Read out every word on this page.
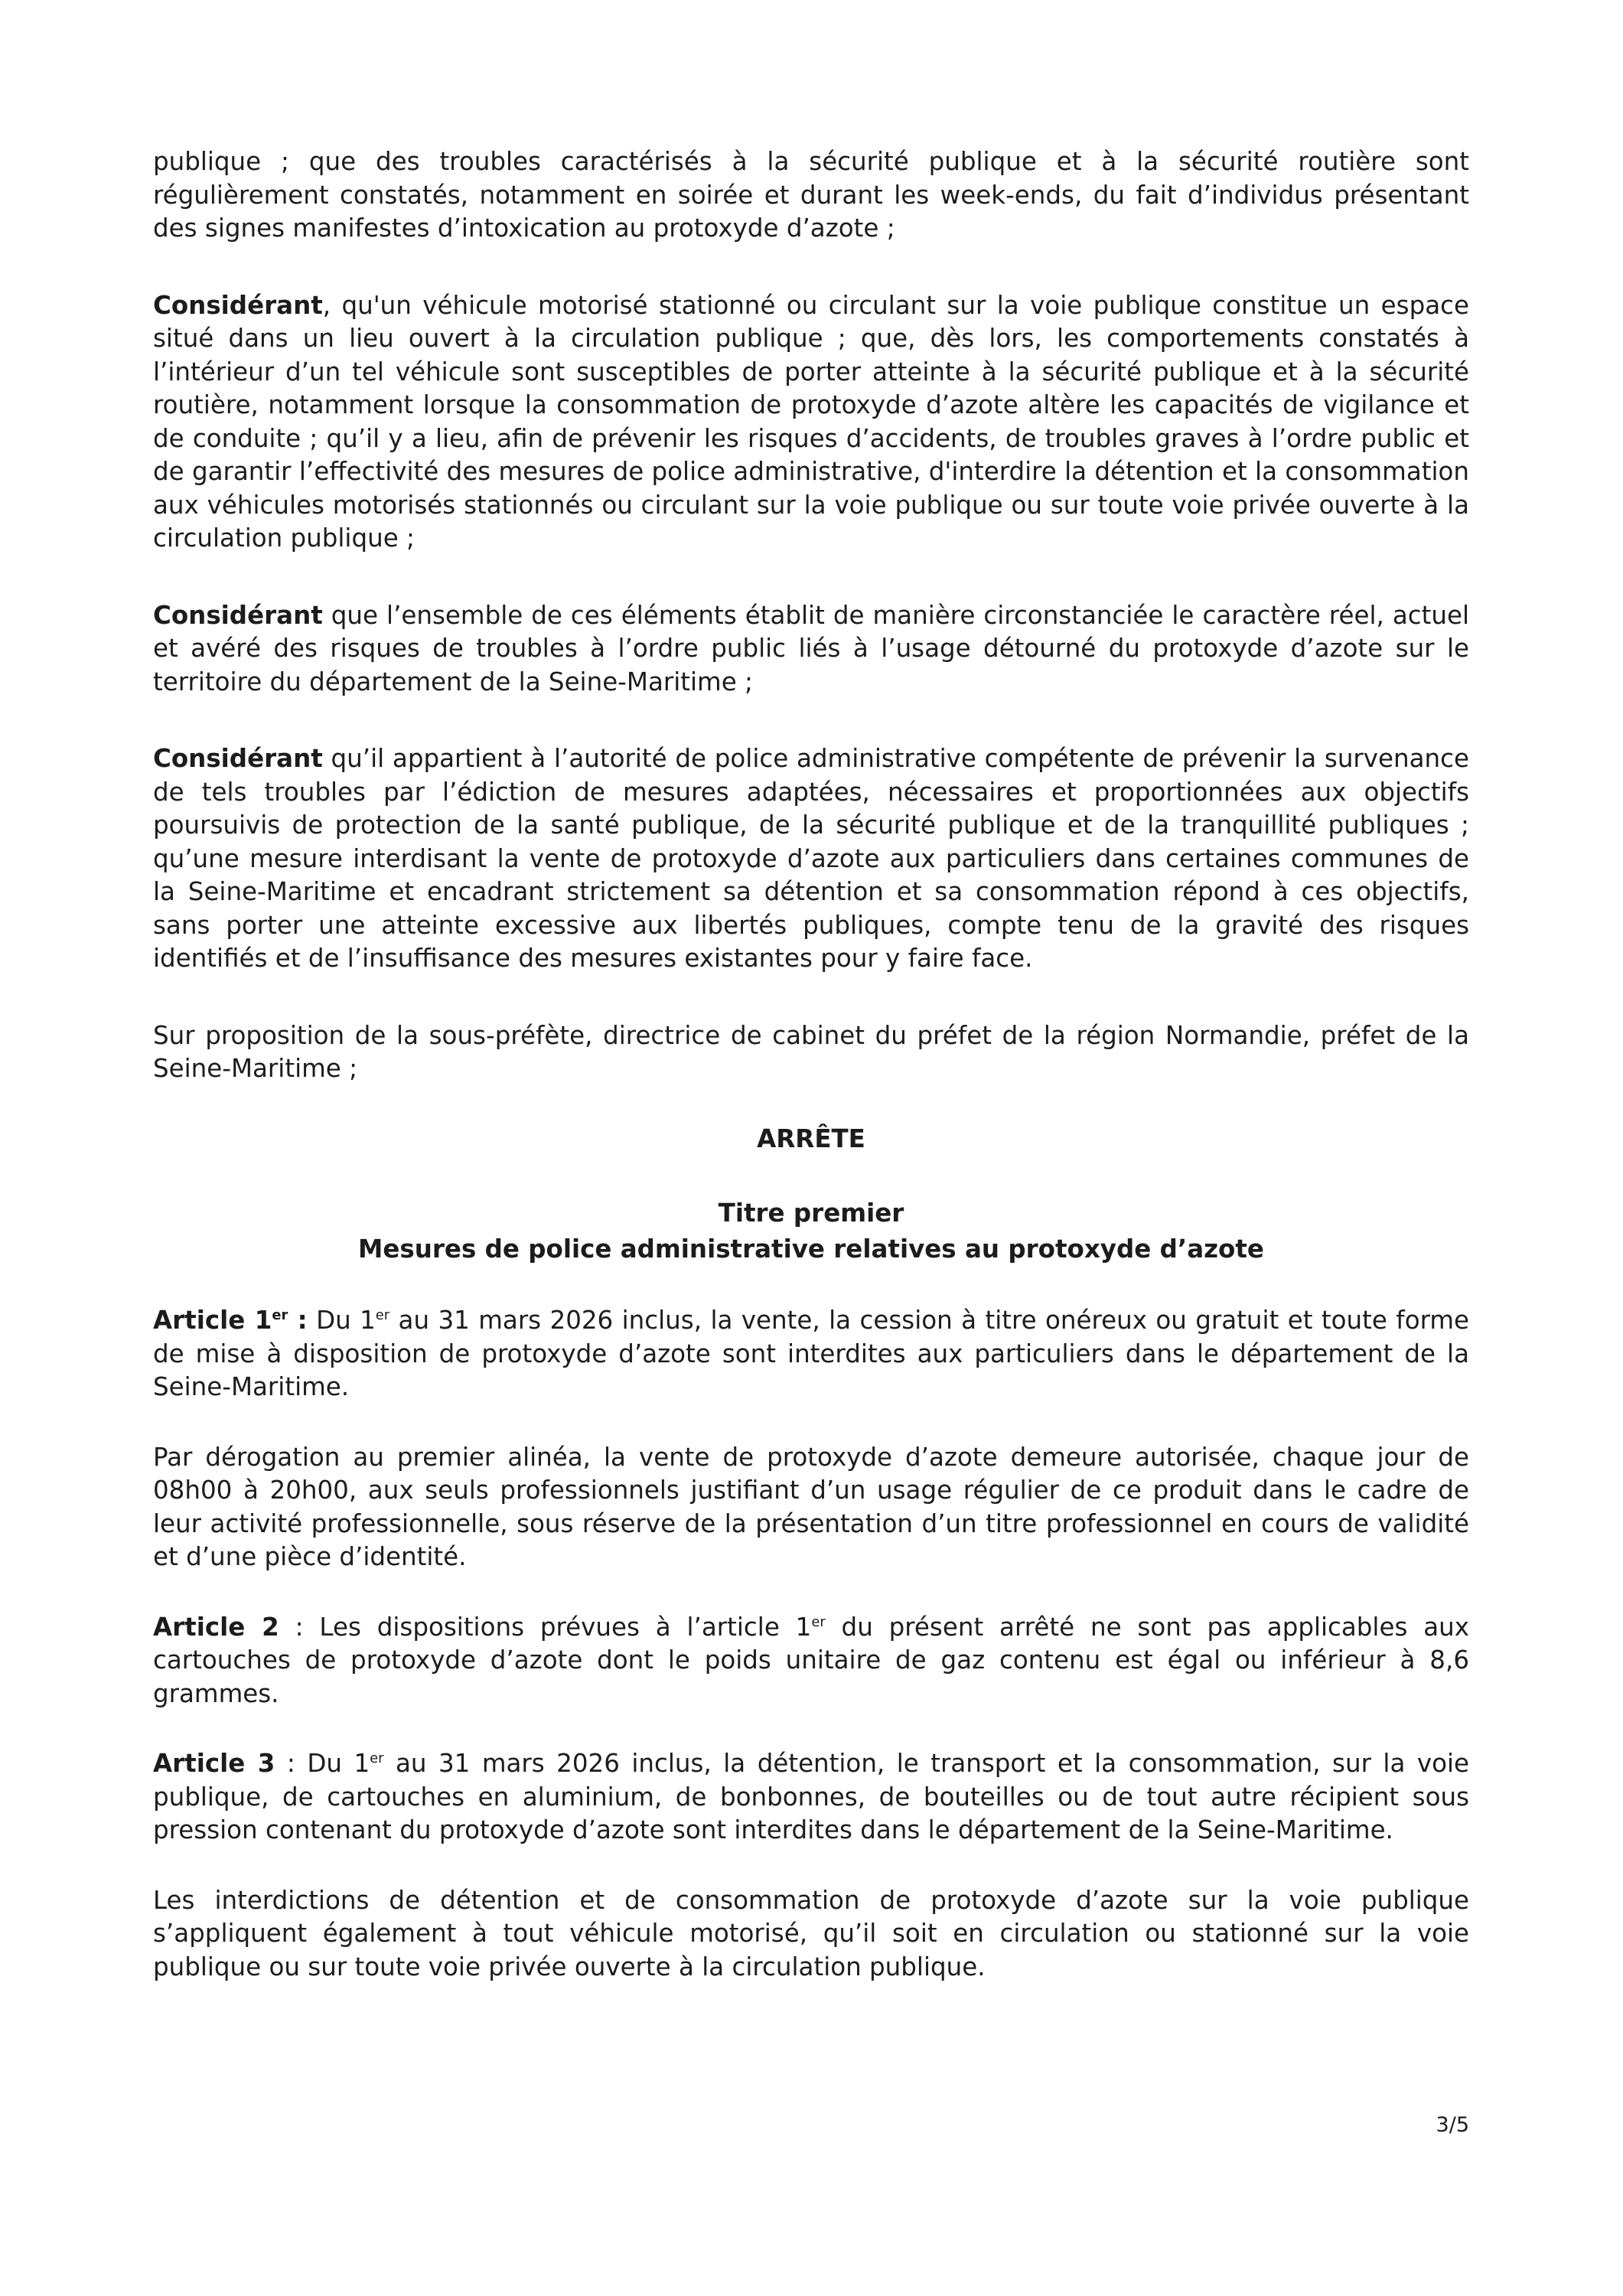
publique ; que des troubles caractérisés à la sécurité publique et à la sécurité routière sont régulièrement constatés, notamment en soirée et durant les week-ends, du fait d’individus présentant des signes manifestes d’intoxication au protoxyde d’azote ;

Considérant, qu'un véhicule motorisé stationné ou circulant sur la voie publique constitue un espace situé dans un lieu ouvert à la circulation publique ; que, dès lors, les comportements constatés à l’intérieur d’un tel véhicule sont susceptibles de porter atteinte à la sécurité publique et à la sécurité routière, notamment lorsque la consommation de protoxyde d’azote altère les capacités de vigilance et de conduite ; qu’il y a lieu, afin de prévenir les risques d’accidents, de troubles graves à l’ordre public et de garantir l’effectivité des mesures de police administrative, d'interdire la détention et la consommation aux véhicules motorisés stationnés ou circulant sur la voie publique ou sur toute voie privée ouverte à la circulation publique ;

Considérant que l’ensemble de ces éléments établit de manière circonstanciée le caractère réel, actuel et avéré des risques de troubles à l’ordre public liés à l’usage détourné du protoxyde d’azote sur le territoire du département de la Seine-Maritime ;

Considérant qu’il appartient à l’autorité de police administrative compétente de prévenir la survenance de tels troubles par l’édiction de mesures adaptées, nécessaires et proportionnées aux objectifs poursuivis de protection de la santé publique, de la sécurité publique et de la tranquillité publiques ; qu’une mesure interdisant la vente de protoxyde d’azote aux particuliers dans certaines communes de la Seine-Maritime et encadrant strictement sa détention et sa consommation répond à ces objectifs, sans porter une atteinte excessive aux libertés publiques, compte tenu de la gravité des risques identifiés et de l’insuffisance des mesures existantes pour y faire face.

Sur proposition de la sous-préfète, directrice de cabinet du préfet de la région Normandie, préfet de la Seine-Maritime ;

ARRÊTE

Titre premier

Mesures de police administrative relatives au protoxyde d’azote

Article 1er : Du 1er au 31 mars 2026 inclus, la vente, la cession à titre onéreux ou gratuit et toute forme de mise à disposition de protoxyde d’azote sont interdites aux particuliers dans le département de la Seine-Maritime.

Par dérogation au premier alinéa, la vente de protoxyde d’azote demeure autorisée, chaque jour de 08h00 à 20h00, aux seuls professionnels justifiant d’un usage régulier de ce produit dans le cadre de leur activité professionnelle, sous réserve de la présentation d’un titre professionnel en cours de validité et d’une pièce d’identité.

Article 2 : Les dispositions prévues à l’article 1er du présent arrêté ne sont pas applicables aux cartouches de protoxyde d’azote dont le poids unitaire de gaz contenu est égal ou inférieur à 8,6 grammes.

Article 3 : Du 1er au 31 mars 2026 inclus, la détention, le transport et la consommation, sur la voie publique, de cartouches en aluminium, de bonbonnes, de bouteilles ou de tout autre récipient sous pression contenant du protoxyde d’azote sont interdites dans le département de la Seine-Maritime.

Les interdictions de détention et de consommation de protoxyde d’azote sur la voie publique s’appliquent également à tout véhicule motorisé, qu’il soit en circulation ou stationné sur la voie publique ou sur toute voie privée ouverte à la circulation publique.

3/5
